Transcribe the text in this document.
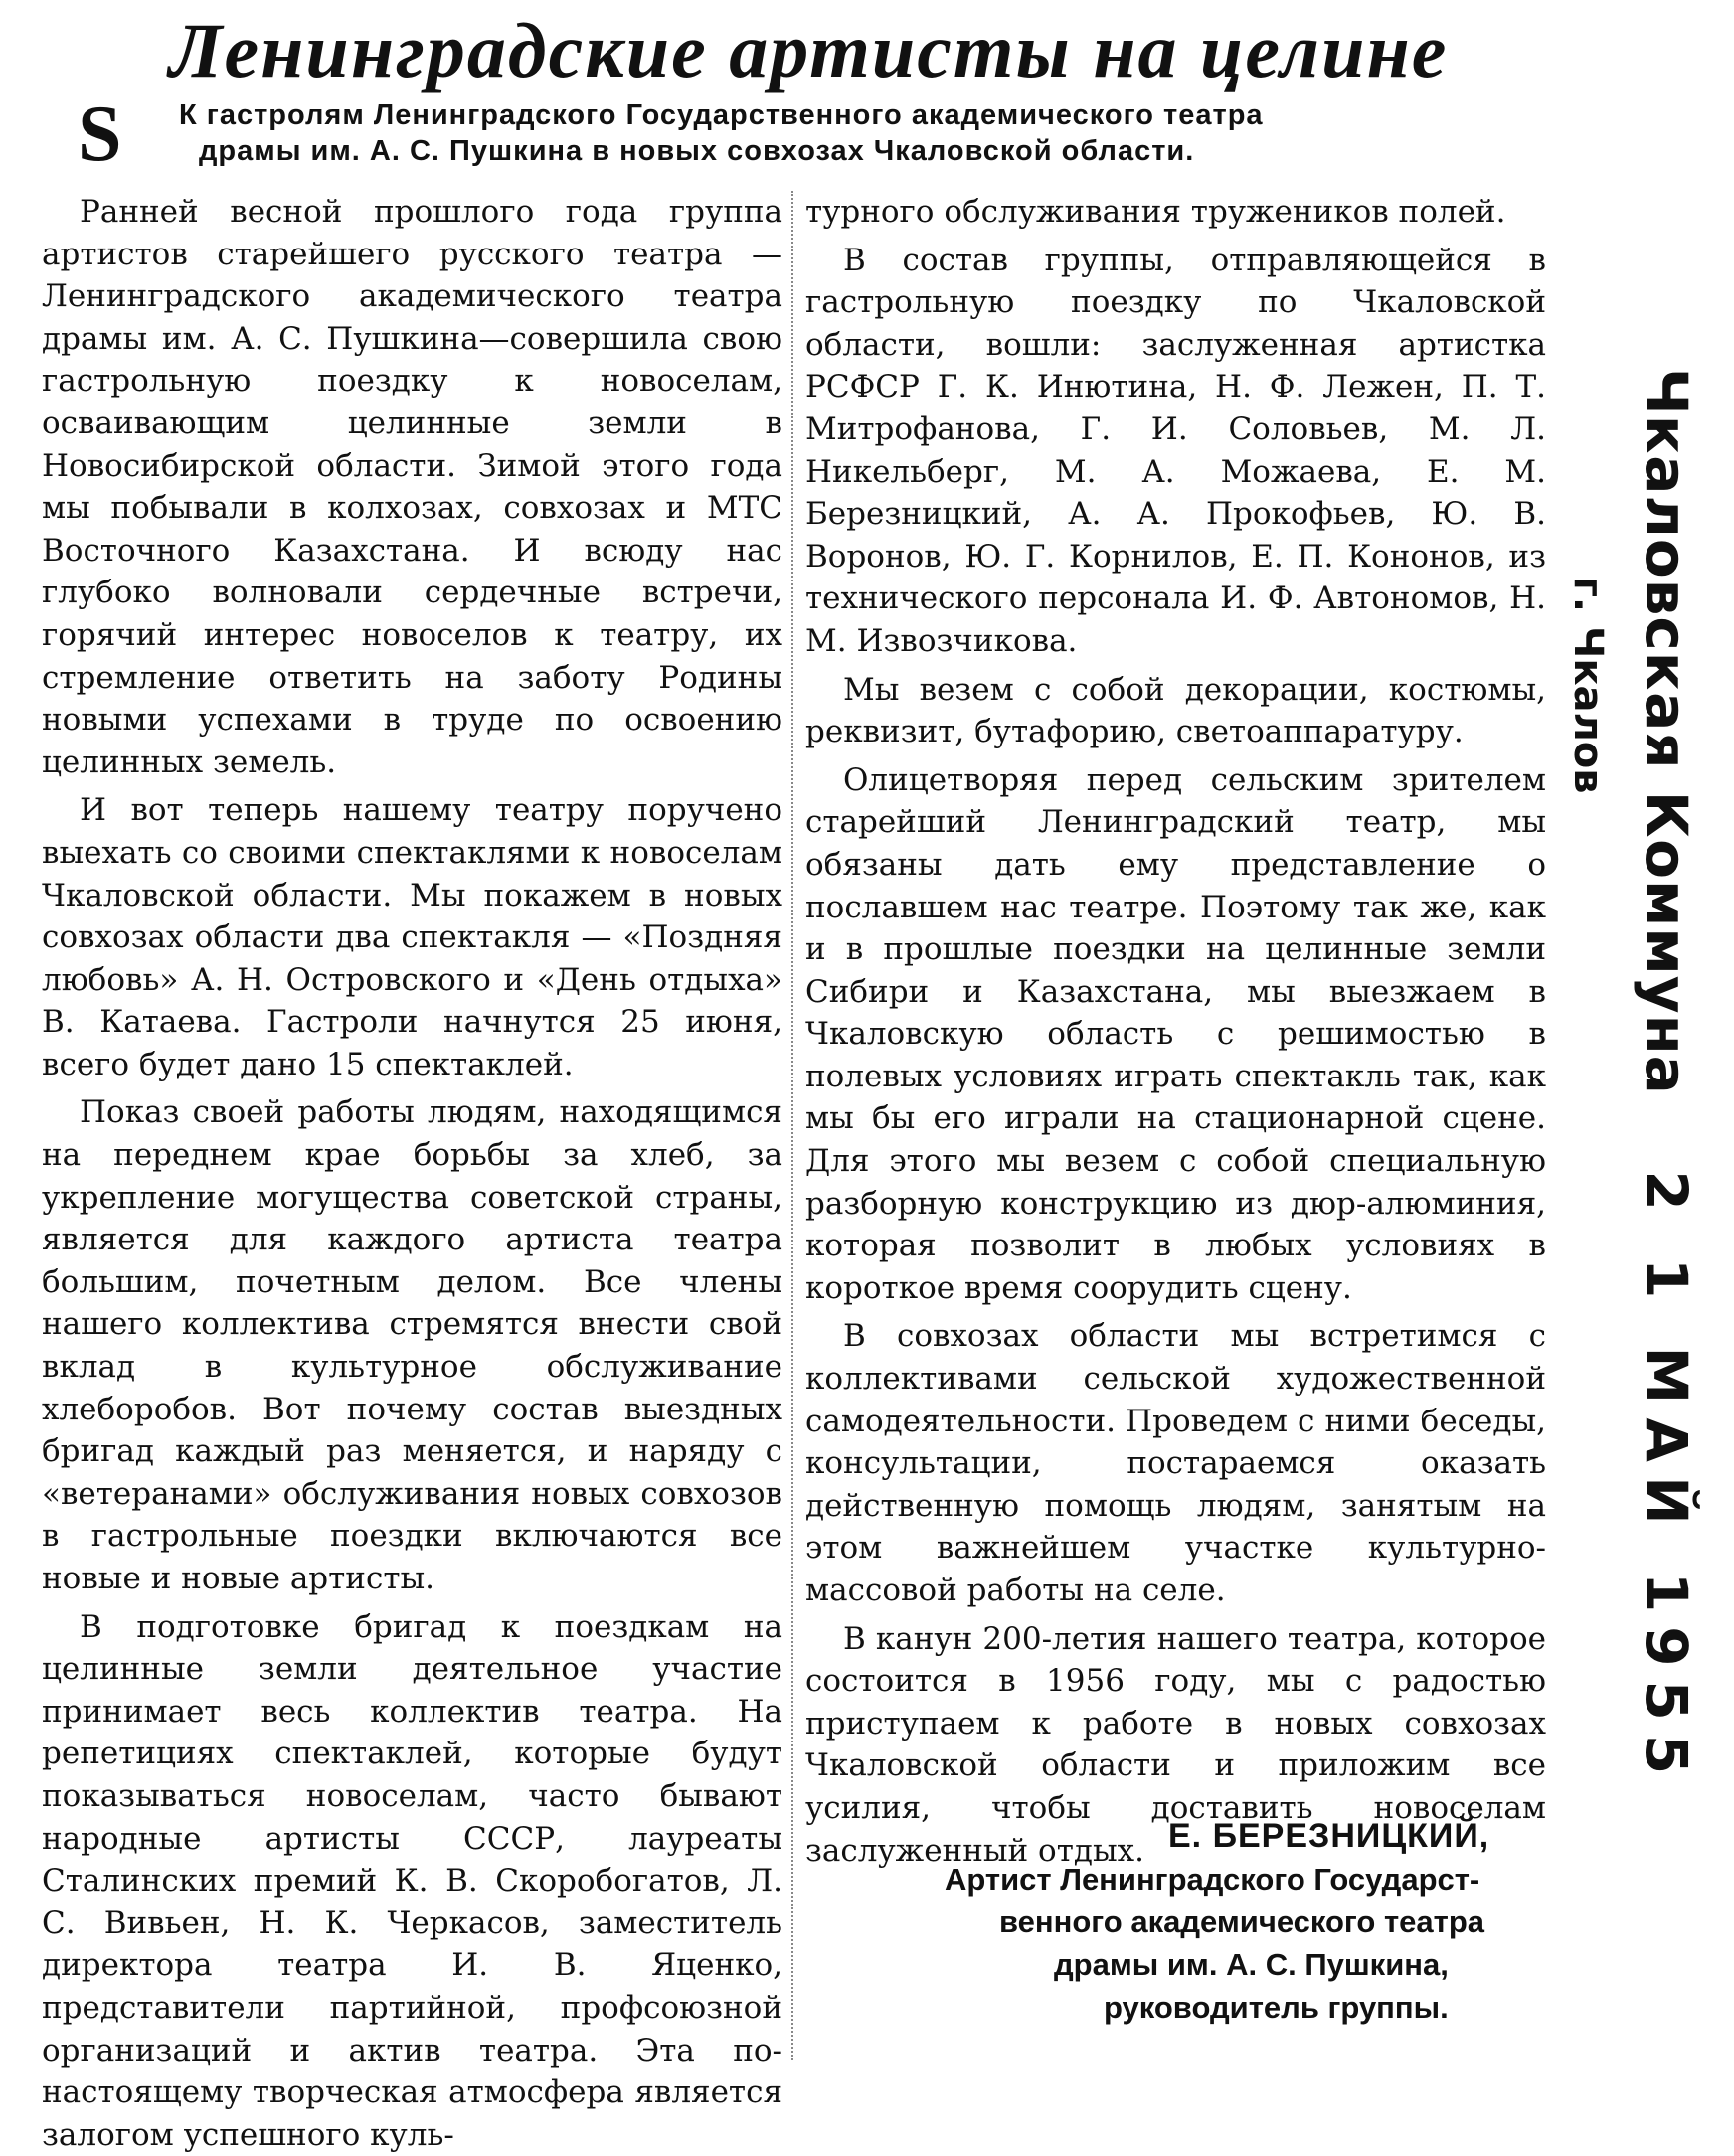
S
Ленинградские артисты на целине
К гастролям Ленинградского Государственного академического театра
драмы им. А. С. Пушкина в новых совхозах Чкаловской области.

Ранней весной прошлого года группа артистов старейшего русского театра — Ленинградского академического театра драмы им. А. С. Пушкина—совершила свою гастрольную поездку к новоселам, осваивающим целинные земли в Новосибирской области. Зимой этого года мы побывали в колхозах, совхозах и МТС Восточного Казахстана. И всюду нас глубоко волновали сердечные встречи, горячий интерес новоселов к театру, их стремление ответить на заботу Родины новыми успехами в труде по освоению целинных земель.

И вот теперь нашему театру поручено выехать со своими спектаклями к новоселам Чкаловской области. Мы покажем в новых совхозах области два спектакля — «Поздняя любовь» А. Н. Островского и «День отдыха» В. Катаева. Гастроли начнутся 25 июня, всего будет дано 15 спектаклей.

Показ своей работы людям, находящимся на переднем крае борьбы за хлеб, за укрепление могущества советской страны, является для каждого артиста театра большим, почетным делом. Все члены нашего коллектива стремятся внести свой вклад в культурное обслуживание хлеборобов. Вот почему состав выездных бригад каждый раз меняется, и наряду с «ветеранами» обслуживания новых совхозов в гастрольные поездки включаются все новые и новые артисты.

В подготовке бригад к поездкам на целинные земли деятельное участие принимает весь коллектив театра. На репетициях спектаклей, которые будут показываться новоселам, часто бывают народные артисты СССР, лауреаты Сталинских премий К. В. Скоробогатов, Л. С. Вивьен, Н. К. Черкасов, заместитель директора театра И. В. Яценко, представители партийной, профсоюзной организаций и актив театра. Эта по-настоящему творческая атмосфера является залогом успешного куль-

турного обслуживания тружеников полей.

В состав группы, отправляющейся в гастрольную поездку по Чкаловской области, вошли: заслуженная артистка РСФСР Г. К. Инютина, Н. Ф. Лежен, П. Т. Митрофанова, Г. И. Соловьев, М. Л. Никельберг, М. А. Можаева, Е. М. Березницкий, А. А. Прокофьев, Ю. В. Воронов, Ю. Г. Корнилов, Е. П. Кононов, из технического персонала И. Ф. Автономов, Н. М. Извозчикова.

Мы везем с собой декорации, костюмы, реквизит, бутафорию, светоаппаратуру.

Олицетворяя перед сельским зрителем старейший Ленинградский театр, мы обязаны дать ему представление о пославшем нас театре. Поэтому так же, как и в прошлые поездки на целинные земли Сибири и Казахстана, мы выезжаем в Чкаловскую область с решимостью в полевых условиях играть спектакль так, как мы бы его играли на стационарной сцене. Для этого мы везем с собой специальную разборную конструкцию из дюр-алюминия, которая позволит в любых условиях в короткое время соорудить сцену.

В совхозах области мы встретимся с коллективами сельской художественной самодеятельности. Проведем с ними беседы, консультации, постараемся оказать действенную помощь людям, занятым на этом важнейшем участке культурно-массовой работы на селе.

В канун 200-летия нашего театра, которое состоится в 1956 году, мы с радостью приступаем к работе в новых совхозах Чкаловской области и приложим все усилия, чтобы доставить новоселам заслуженный отдых. Е. БЕРЕЗНИЦКИЙ,
Артист Ленинградского Государст-
венного академического театра
драмы им. А. С. Пушкина,
руководитель группы.
Чкаловская Коммуна 2 1 МАЙ 1955
г. Чкалов
